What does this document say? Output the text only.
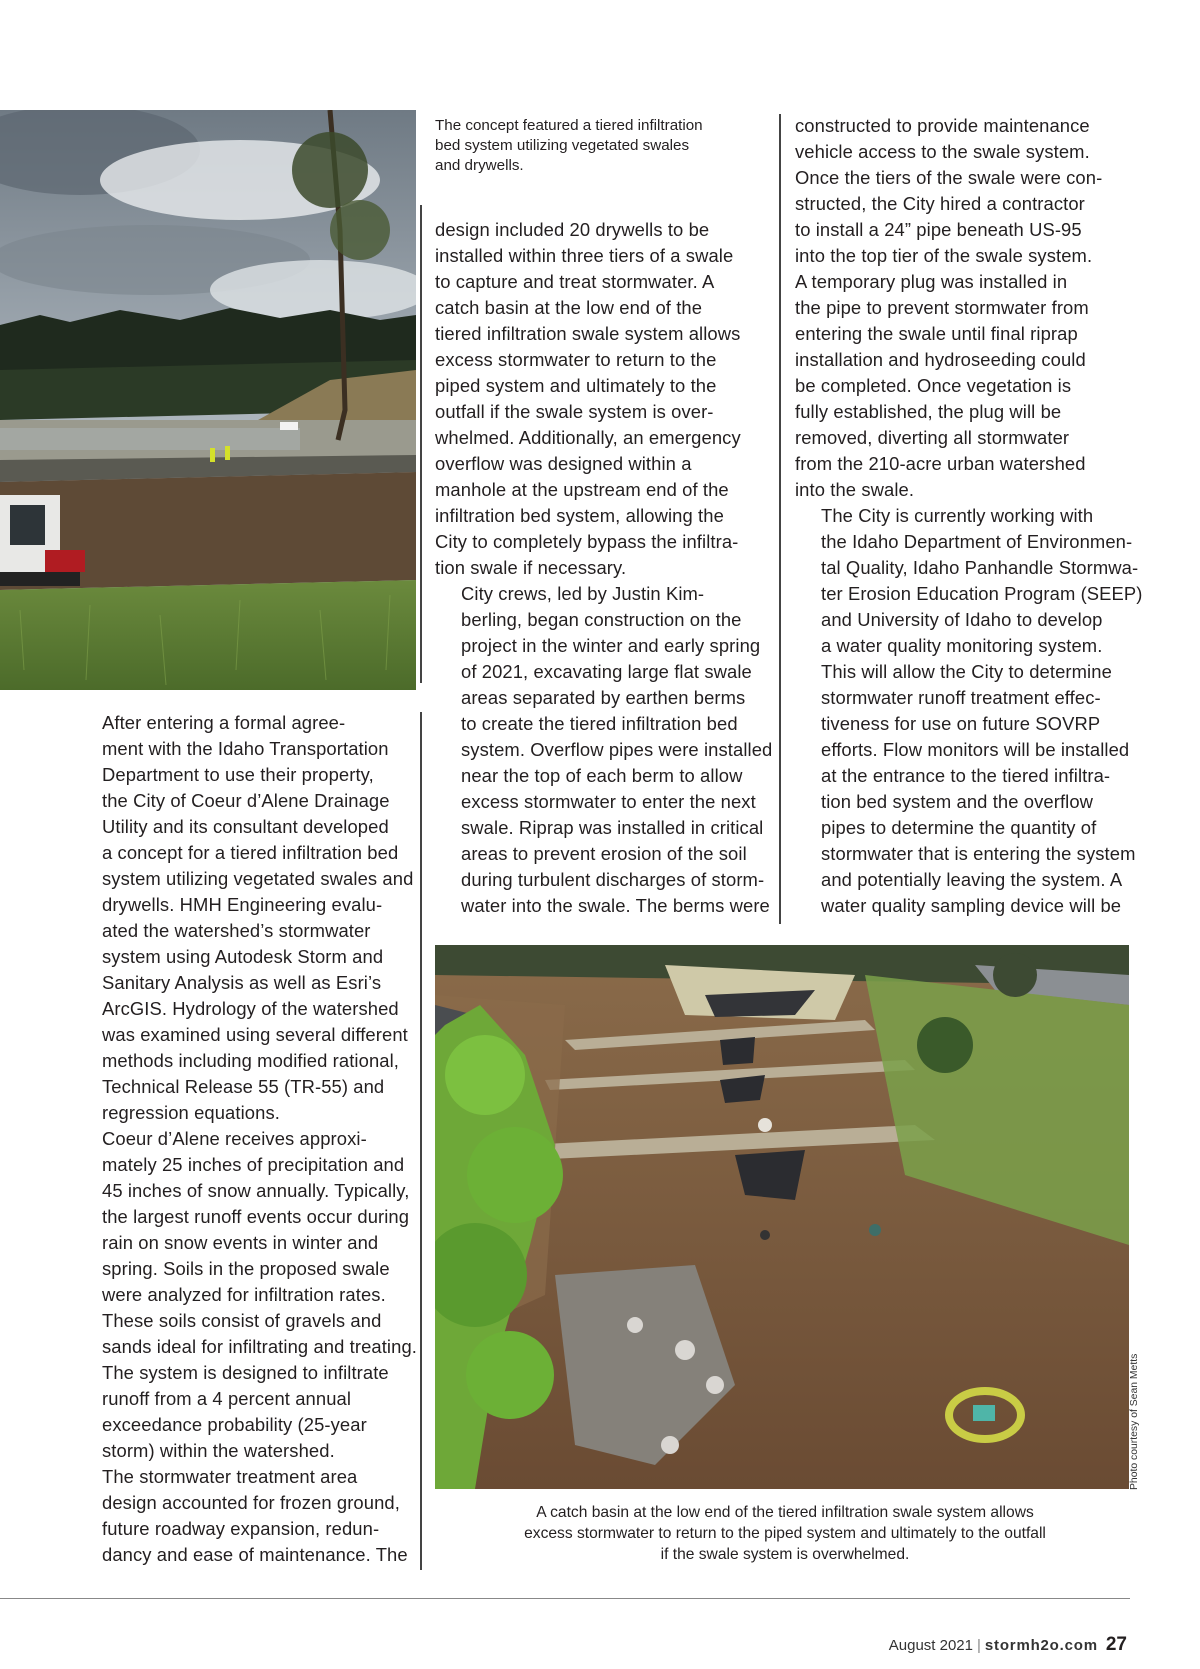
The concept featured a tiered infiltration
bed system utilizing vegetated swales
and drywells.

After entering a formal agree-
ment with the Idaho Transportation
Department to use their property,
the City of Coeur d’Alene Drainage
Utility and its consultant developed
a concept for a tiered infiltration bed
system utilizing vegetated swales and
drywells. HMH Engineering evalu-
ated the watershed’s stormwater
system using Autodesk Storm and
Sanitary Analysis as well as Esri’s
ArcGIS. Hydrology of the watershed
was examined using several different
methods including modified rational,
Technical Release 55 (TR-55) and
regression equations.

Coeur d’Alene receives approxi-
mately 25 inches of precipitation and
45 inches of snow annually. Typically,
the largest runoff events occur during
rain on snow events in winter and
spring. Soils in the proposed swale
were analyzed for infiltration rates.
These soils consist of gravels and
sands ideal for infiltrating and treating.
The system is designed to infiltrate
runoff from a 4 percent annual
exceedance probability (25-year
storm) within the watershed.

The stormwater treatment area
design accounted for frozen ground,
future roadway expansion, redun-
dancy and ease of maintenance. The

design included 20 drywells to be
installed within three tiers of a swale
to capture and treat stormwater. A
catch basin at the low end of the
tiered infiltration swale system allows
excess stormwater to return to the
piped system and ultimately to the
outfall if the swale system is over-
whelmed. Additionally, an emergency
overflow was designed within a
manhole at the upstream end of the
infiltration bed system, allowing the
City to completely bypass the infiltra-
tion swale if necessary.

City crews, led by Justin Kim-
berling, began construction on the
project in the winter and early spring
of 2021, excavating large flat swale
areas separated by earthen berms
to create the tiered infiltration bed
system. Overflow pipes were installed
near the top of each berm to allow
excess stormwater to enter the next
swale. Riprap was installed in critical
areas to prevent erosion of the soil
during turbulent discharges of storm-
water into the swale. The berms were

constructed to provide maintenance
vehicle access to the swale system.
Once the tiers of the swale were con-
structed, the City hired a contractor
to install a 24” pipe beneath US-95
into the top tier of the swale system.
A temporary plug was installed in
the pipe to prevent stormwater from
entering the swale until final riprap
installation and hydroseeding could
be completed. Once vegetation is
fully established, the plug will be
removed, diverting all stormwater
from the 210-acre urban watershed
into the swale.

The City is currently working with
the Idaho Department of Environmen-
tal Quality, Idaho Panhandle Stormwa-
ter Erosion Education Program (SEEP)
and University of Idaho to develop
a water quality monitoring system.
This will allow the City to determine
stormwater runoff treatment effec-
tiveness for use on future SOVRP
efforts. Flow monitors will be installed
at the entrance to the tiered infiltra-
tion bed system and the overflow
pipes to determine the quantity of
stormwater that is entering the system
and potentially leaving the system. A
water quality sampling device will be

Photo courtesy of Sean Metts
A catch basin at the low end of the tiered infiltration swale system allows
excess stormwater to return to the piped system and ultimately to the outfall
if the swale system is overwhelmed.
August 2021 | stormh2o.com 27
